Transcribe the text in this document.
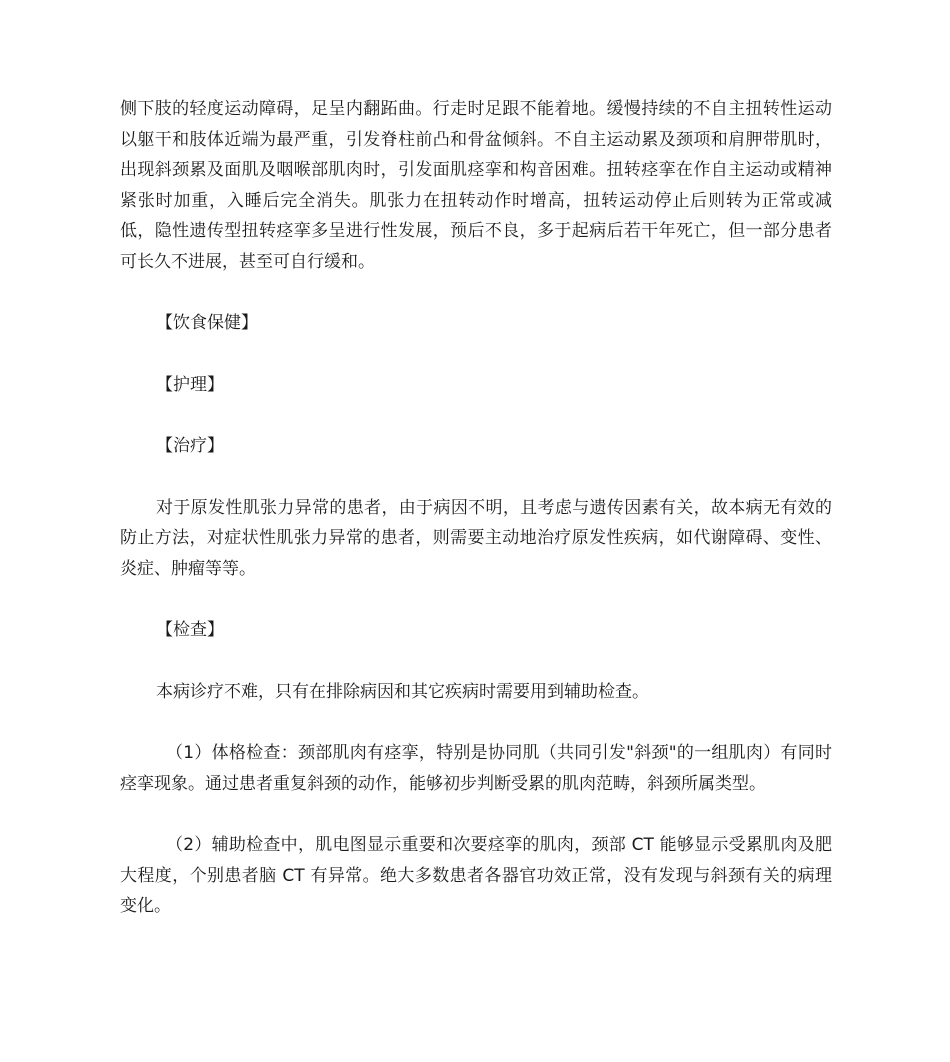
侧下肢的轻度运动障碍，足呈内翻跖曲。行走时足跟不能着地。缓慢持续的不自主扭转性运动以躯干和肢体近端为最严重，引发脊柱前凸和骨盆倾斜。不自主运动累及颈项和肩胛带肌时，出现斜颈累及面肌及咽喉部肌肉时，引发面肌痉挛和构音困难。扭转痉挛在作自主运动或精神紧张时加重，入睡后完全消失。肌张力在扭转动作时增高，扭转运动停止后则转为正常或减低，隐性遗传型扭转痉挛多呈进行性发展，预后不良，多于起病后若干年死亡，但一部分患者可长久不进展，甚至可自行缓和。

【饮食保健】

【护理】

【治疗】

对于原发性肌张力异常的患者，由于病因不明，且考虑与遗传因素有关，故本病无有效的防止方法，对症状性肌张力异常的患者，则需要主动地治疗原发性疾病，如代谢障碍、变性、炎症、肿瘤等等。

【检查】

本病诊疗不难，只有在排除病因和其它疾病时需要用到辅助检查。

（1）体格检查：颈部肌肉有痉挛，特别是协同肌（共同引发"斜颈"的一组肌肉）有同时痉挛现象。通过患者重复斜颈的动作，能够初步判断受累的肌肉范畴，斜颈所属类型。

（2）辅助检查中，肌电图显示重要和次要痉挛的肌肉，颈部 CT 能够显示受累肌肉及肥大程度，个别患者脑 CT 有异常。绝大多数患者各器官功效正常，没有发现与斜颈有关的病理变化。
